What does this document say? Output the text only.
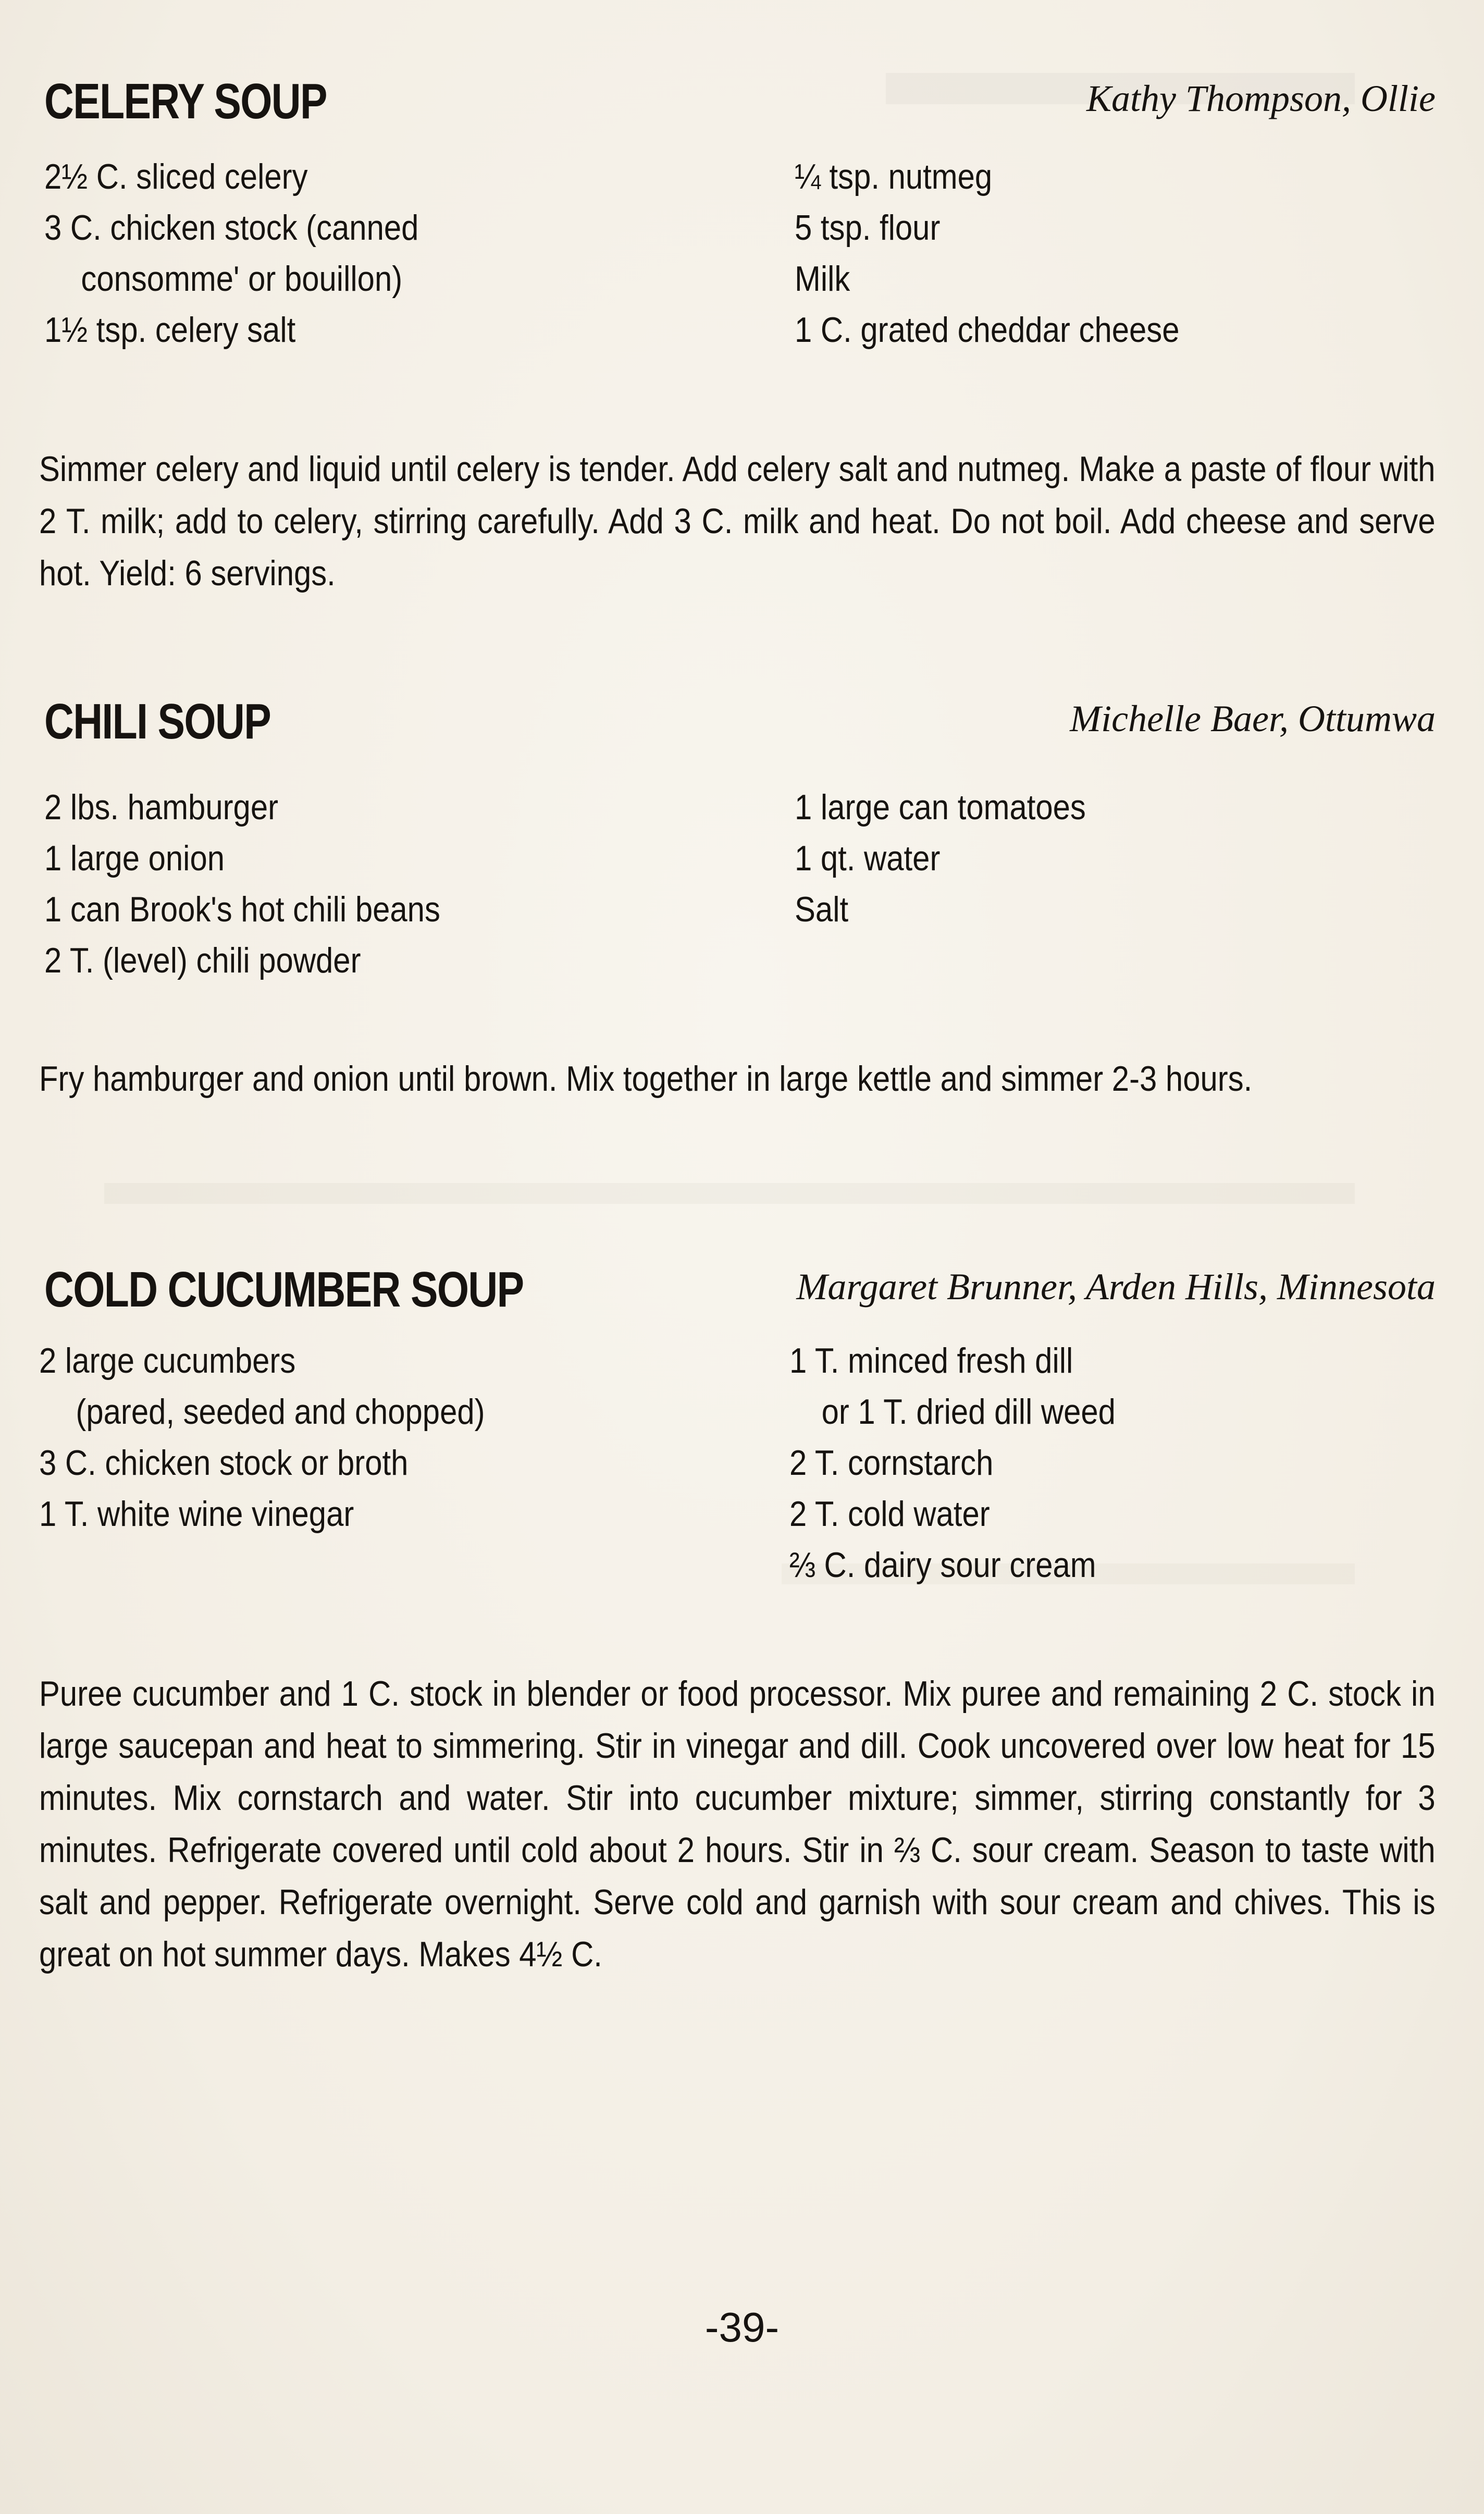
CELERY SOUP	Kathy Thompson, Ollie
2½ C. sliced celery
3 C. chicken stock (canned
consomme' or bouillon)
1½ tsp. celery salt
¼ tsp. nutmeg
5 tsp. flour
Milk
1 C. grated cheddar cheese
Simmer celery and liquid until celery is tender. Add celery salt and nutmeg. Make a paste of flour with 2 T. milk; add to celery, stirring carefully. Add 3 C. milk and heat. Do not boil. Add cheese and serve hot. Yield: 6 servings.
CHILI SOUP	Michelle Baer, Ottumwa
2 lbs. hamburger
1 large onion
1 can Brook's hot chili beans
2 T. (level) chili powder
1 large can tomatoes
1 qt. water
Salt
Fry hamburger and onion until brown. Mix together in large kettle and simmer 2-3 hours.
COLD CUCUMBER SOUP	Margaret Brunner, Arden Hills, Minnesota
2 large cucumbers
(pared, seeded and chopped)
3 C. chicken stock or broth
1 T. white wine vinegar
1 T. minced fresh dill
or 1 T. dried dill weed
2 T. cornstarch
2 T. cold water
⅔ C. dairy sour cream
Puree cucumber and 1 C. stock in blender or food processor. Mix puree and remaining 2 C. stock in large saucepan and heat to simmering. Stir in vinegar and dill. Cook uncovered over low heat for 15 minutes. Mix cornstarch and water. Stir into cucumber mixture; simmer, stirring constantly for 3 minutes. Refrigerate covered until cold about 2 hours. Stir in ⅔ C. sour cream. Season to taste with salt and pepper. Refrigerate overnight. Serve cold and garnish with sour cream and chives. This is great on hot summer days. Makes 4½ C.
-39-
